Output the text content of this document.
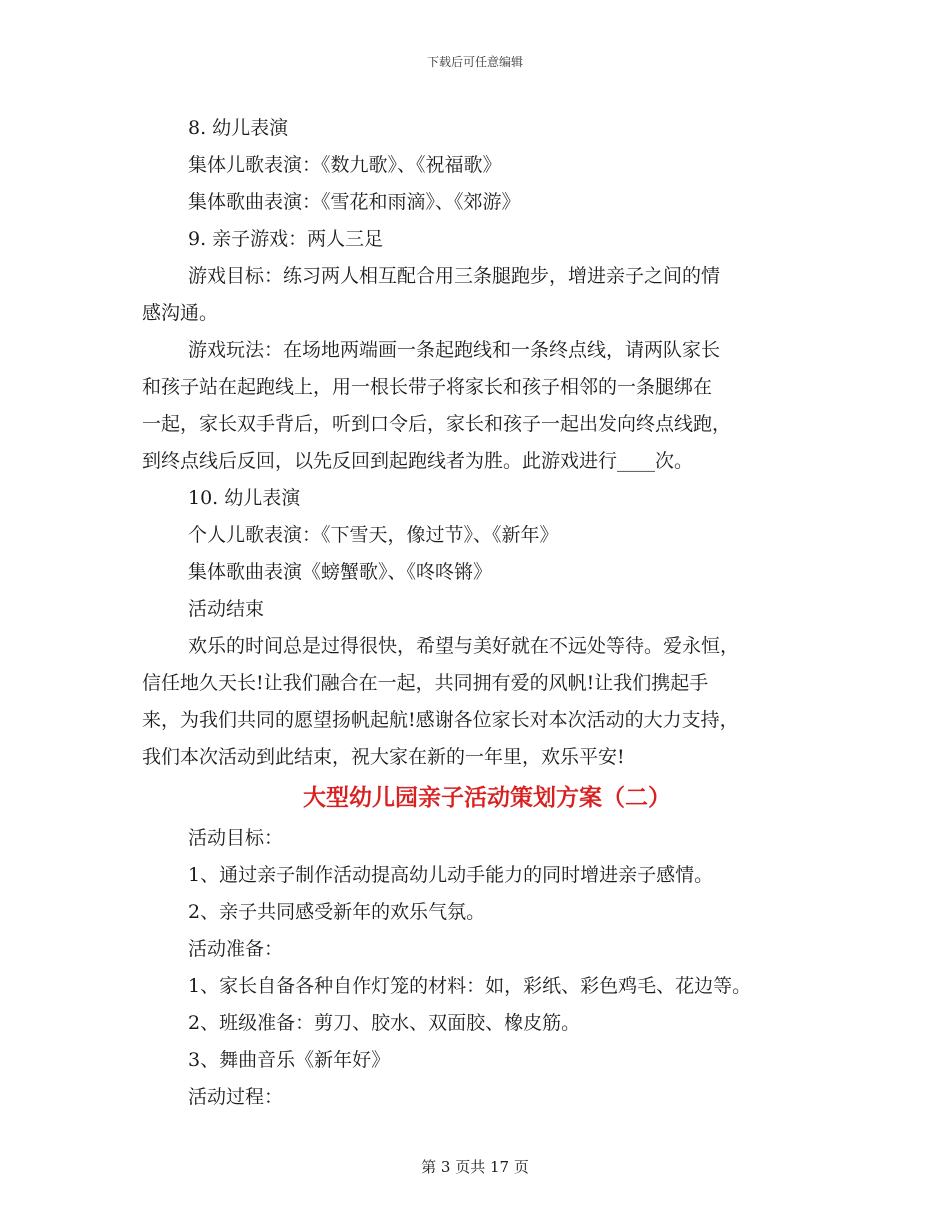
下载后可任意编辑

8. 幼儿表演

集体儿歌表演：《数九歌》、《祝福歌》

集体歌曲表演：《雪花和雨滴》、《郊游》

9. 亲子游戏：两人三足

游戏目标：练习两人相互配合用三条腿跑步，增进亲子之间的情

感沟通。

游戏玩法：在场地两端画一条起跑线和一条终点线，请两队家长

和孩子站在起跑线上，用一根长带子将家长和孩子相邻的一条腿绑在

一起，家长双手背后，听到口令后，家长和孩子一起出发向终点线跑，

到终点线后反回，以先反回到起跑线者为胜。此游戏进行____次。

10. 幼儿表演

个人儿歌表演：《下雪天，像过节》、《新年》

集体歌曲表演《螃蟹歌》、《咚咚锵》

活动结束

欢乐的时间总是过得很快，希望与美好就在不远处等待。爱永恒，

信任地久天长!让我们融合在一起，共同拥有爱的风帆!让我们携起手

来，为我们共同的愿望扬帆起航!感谢各位家长对本次活动的大力支持，

我们本次活动到此结束，祝大家在新的一年里，欢乐平安!

大型幼儿园亲子活动策划方案（二）

活动目标：

1、通过亲子制作活动提高幼儿动手能力的同时增进亲子感情。

2、亲子共同感受新年的欢乐气氛。

活动准备：

1、家长自备各种自作灯笼的材料：如，彩纸、彩色鸡毛、花边等。

2、班级准备：剪刀、胶水、双面胶、橡皮筋。

3、舞曲音乐《新年好》

活动过程：

第 3 页共 17 页
